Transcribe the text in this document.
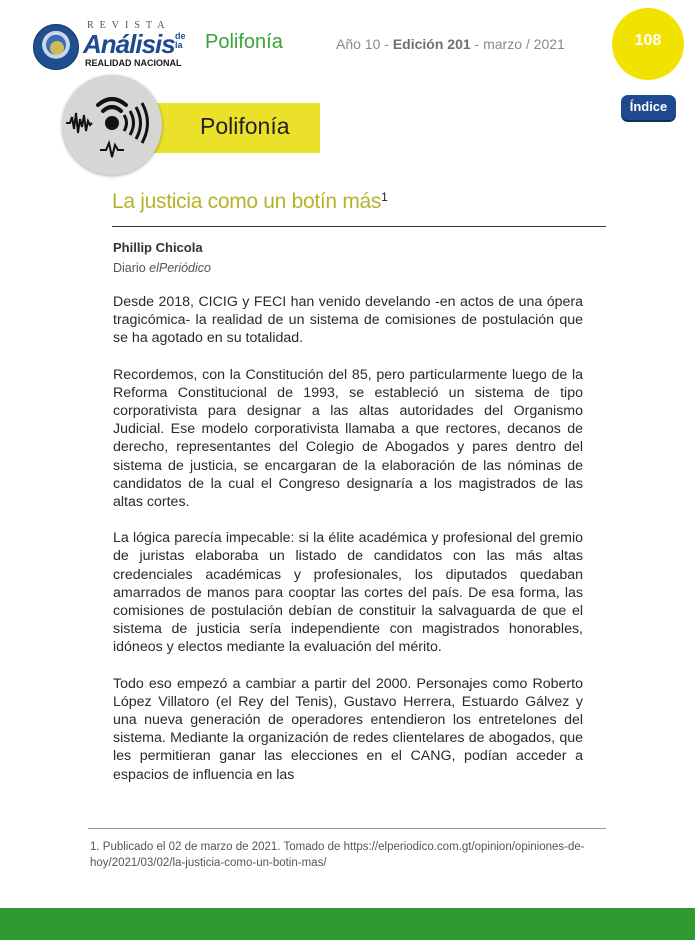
REVISTA
Análisis de la
REALIDAD NACIONAL
Polifonía	Año 10 - Edición 201 - marzo / 2021	108
Índice
Polifonía
La justicia como un botín más$^1$
Phillip Chicola
Diario elPeriódico

Desde 2018, CICIG y FECI han venido develando -en actos de una ópera tragicómica- la realidad de un sistema de comisiones de postulación que se ha agotado en su totalidad.

Recordemos, con la Constitución del 85, pero particularmente luego de la Reforma Constitucional de 1993, se estableció un sistema de tipo corporativista para designar a las altas autoridades del Organismo Judicial. Ese modelo corporativista llamaba a que rectores, decanos de derecho, representantes del Colegio de Abogados y pares dentro del sistema de justicia, se encargaran de la elaboración de las nóminas de candidatos de la cual el Congreso designaría a los magistrados de las altas cortes.

La lógica parecía impecable: si la élite académica y profesional del gremio de juristas elaboraba un listado de candidatos con las más altas credenciales académicas y profesionales, los diputados quedaban amarrados de manos para cooptar las cortes del país. De esa forma, las comisiones de postulación debían de constituir la salvaguarda de que el sistema de justicia sería independiente con magistrados honorables, idóneos y electos mediante la evaluación del mérito.

Todo eso empezó a cambiar a partir del 2000. Personajes como Roberto López Villatoro (el Rey del Tenis), Gustavo Herrera, Estuardo Gálvez y una nueva generación de operadores entendieron los entretelones del sistema. Mediante la organización de redes clientelares de abogados, que les permitieran ganar las elecciones en el CANG, podían acceder a espacios de influencia en las

1. Publicado el 02 de marzo de 2021. Tomado de https://elperiodico.com.gt/opinion/opiniones-de-hoy/2021/03/02/la-justicia-como-un-botin-mas/
